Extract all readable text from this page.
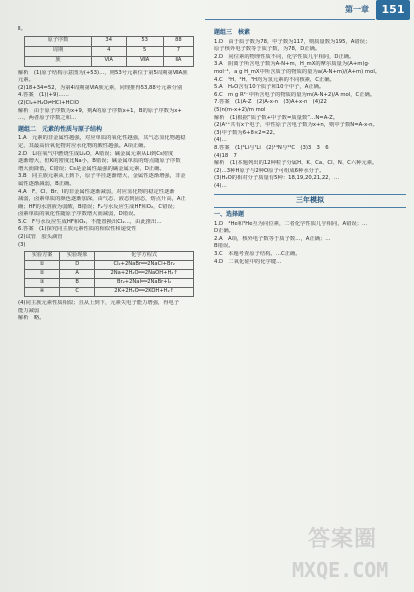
第一章	151
Ⅱ。
原子序数	34	53	88
周期	4	5	7
族	ⅥA	ⅦA	ⅡA
解析　(1)原子结构示意图为(+53)…，则53号元素位于第5周期第ⅦA族
元素。
(2)18+34=52，为第4周期第ⅥA族元素，同理推得53,88号元素分别
4.答案　(1)(+9)……
(2)Cl₂+H₂O⇌HCl+HClO
解析　由于原子序数为x+9，则A的原子序数x+1，B的原子序数为x+
…，两者原子序数之和…
题组二　元素的性质与原子结构
1.A　元素的非金属性越强，对应单质的氧化性越强，其气态氢化物越稳
定，其最高价氧化物对应水化物的酸性越强。A项正确。
2.D　Li在氧气中燃烧生成Li₂O，A错误；碱金属元素从Li到Cs密度
逐渐增大，但K的密度比Na小，B错误；碱金属单质的熔点随原子序数
增大而降低，C错误；Cs是金属性最强的碱金属元素，D正确。
3.B　同主族元素从上到下，原子半径逐渐增大，金属性逐渐增强，非金
属性逐渐减弱，B正确。
4.A　F、Cl、Br、I的非金属性逐渐减弱，对应氢化物的稳定性逐渐
减弱，卤素单质的颜色逐渐加深，由气态、液态到固态，熔点升高，A正
确；HF的水溶液为弱酸，B错误；F₂与水反应生成HF和O₂，C错误；
卤素单质的氧化性随原子序数增大而减弱，D错误。
5.C　F与水反应生成HF和O₂，不能置换出Cl₂…，由此推出…
6.答案　(1)探究同主族元素性质的相似性和递变性
(2)试管　胶头滴管
(3)
实验方案	实验现象	化学方程式
①	D	Cl₂+2NaBr══2NaCl+Br₂
②	A	2Na+2H₂O══2NaOH+H₂↑
③	B	Br₂+2NaI══2NaBr+I₂
④	C	2K+2H₂O══2KOH+H₂↑
(4)同主族元素性质相似；且从上到下，元素失电子能力增强，得电子
能力减弱
解析　略。
题组三　核素
1.D　由于质子数为78，中子数为117，则质量数为195，A错误；
原子核外电子数等于质子数，为78，D正确。
2.D　同位素的物理性质不同，化学性质几乎相同，D正确。
3.A　阴离子所含电子数为A-N+m，H_mX的摩尔质量为(A+m)g·
mol⁻¹，a g H_mX中所含质子的物质的量为a(A-N+m)/(A+m) mol。
4.C　¹H、²H、³H均为氢元素的不同核素，C正确。
5.A　H₂O含有10个质子和10个中子，A正确。
6.C　m g R²⁻中所含电子的物质的量为m(A-N+2)/A mol，C正确。
7.答案　(1)A-Z　(2)A-x-n　(3)A+x-n　(4)22
(5)n(m-x+2)/m mol
解析　(1)根据“质子数+中子数=质量数”…N=A-Z。
(2)Aˣ⁺共有x个电子，中性原子含电子数为x+n，则中子数N=A-x-n。
(3)中子数为6+8×2=22。
(4)…
8.答案　(1)⁶Li与⁷Li　(2)¹⁴N与¹⁴C　(3)3　3　6
(4)18　7
解析　(1)本题列出的12种粒子分属H、K、Ca、Cl、N、C六种元素。
(2)…3种H原子与2种O原子可组成6种水分子。
(3)H₂O的相对分子质量有5种：18,19,20,21,22，…
(4)…
三年模拟
一、选择题
1.D　⁴He和³He互为同位素，二者化学性质几乎相同，A错误；…
D正确。
2.A　A项，核外电子数等于质子数…，A正确；…
B错误。
3.C　本题考查原子结构。…C正确。
4.D　二氧化硅中的化学键…
答案圈
MXQE.COM
